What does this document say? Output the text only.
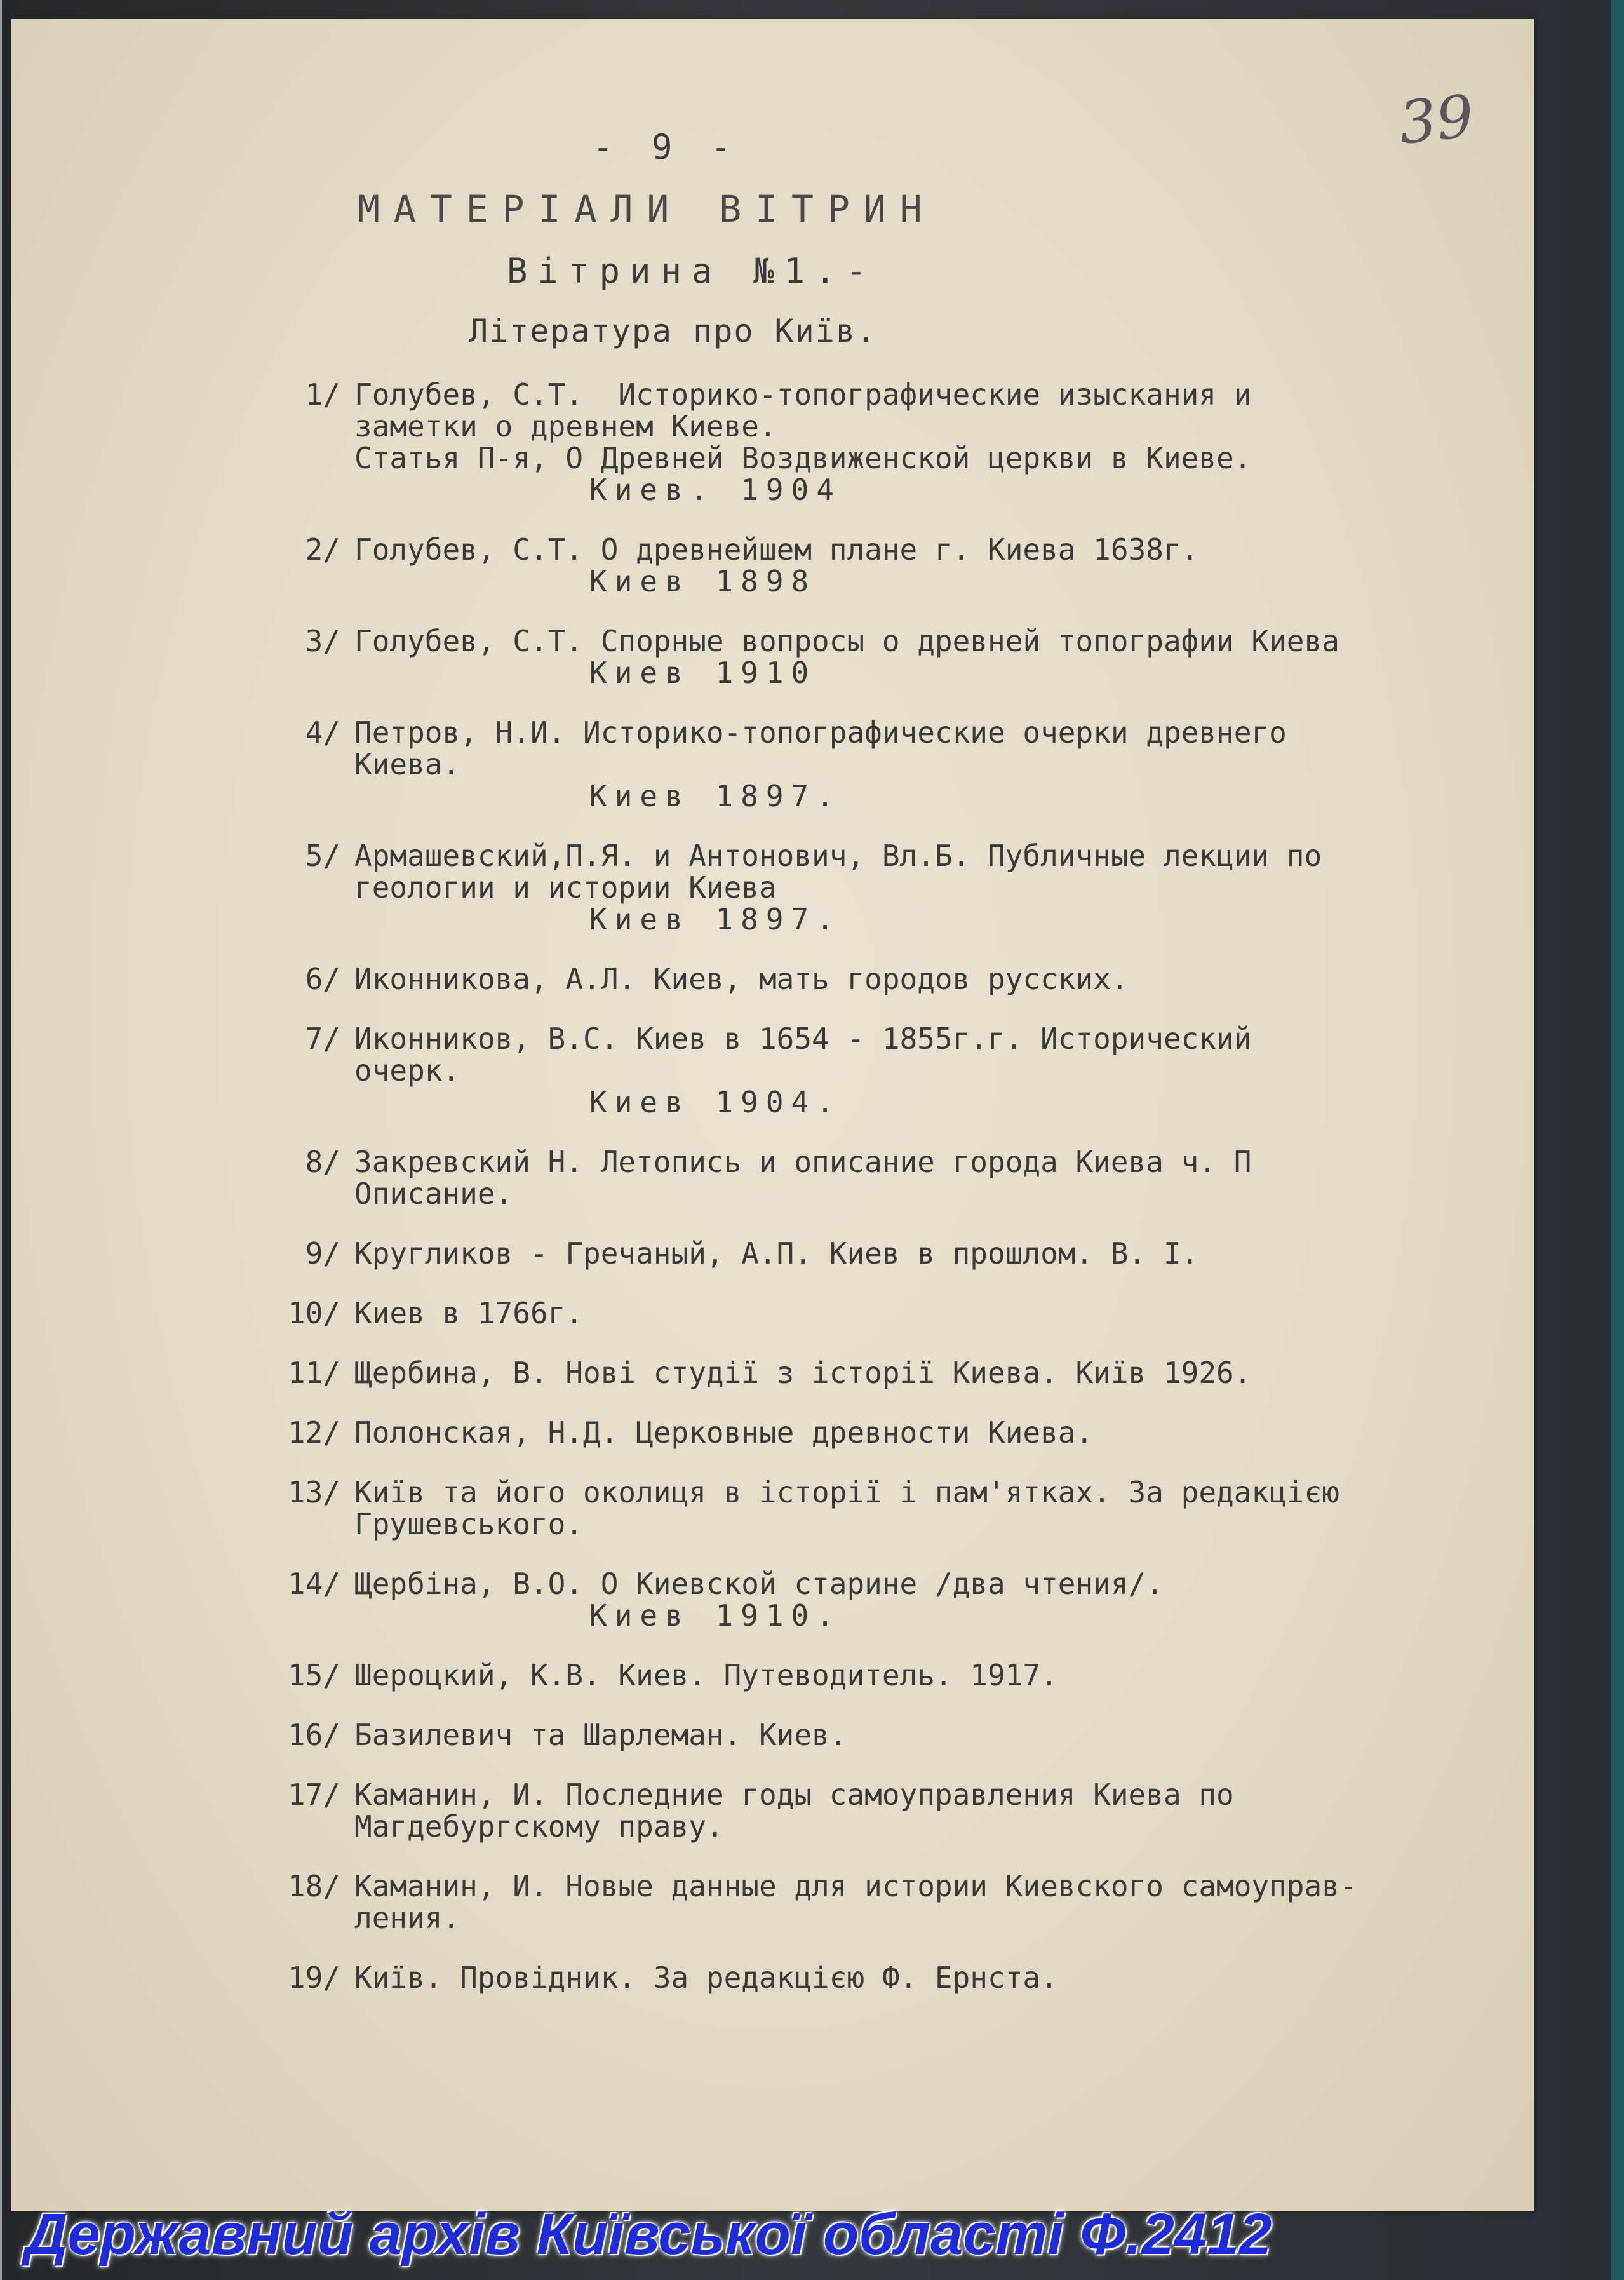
- 9 -	39
МАТЕРІАЛИ ВІТРИН
Вітрина №1.-
Література про Київ.
1/ Голубев, С.Т.  Историко-топографические изыскания и

заметки о древнем Киеве.
Статья П-я, О Древней Воздвиженской церкви в Киеве.
Киев. 1904
2/ Голубев, С.Т. О древнейшем плане г. Киева 1638г.

Киев 1898
3/ Голубев, С.Т. Спорные вопросы о древней топографии Киева

Киев 1910
4/ Петров, Н.И. Историко-топографические очерки древнего

Киева.
Киев 1897.
5/ Армашевский,П.Я. и Антонович, Вл.Б. Публичные лекции по

геологии и истории Киева
Киев 1897.
6/ Иконникова, А.Л. Киев, мать городов русских.
7/ Иконников, В.С. Киев в 1654 - 1855г.г. Исторический

очерк.
Киев 1904.
8/ Закревский Н. Летопись и описание города Киева ч. П

Описание.
9/ Кругликов - Гречаный, А.П. Киев в прошлом. В. I.
10/ Киев в 1766г.
11/ Щербина, В. Нові студії з історії Киева. Київ 1926.
12/ Полонская, Н.Д. Церковные древности Киева.
13/ Київ та його околиця в історії і пам'ятках. За редакцією

Грушевського.
14/ Щербіна, В.О. О Киевской старине /два чтения/.

Киев 1910.
15/ Шероцкий, К.В. Киев. Путеводитель. 1917.
16/ Базилевич та Шарлеман. Киев.
17/ Каманин, И. Последние годы самоуправления Киева по

Магдебургскому праву.
18/ Каманин, И. Новые данные для истории Киевского самоуправ-

ления.
19/ Київ. Провідник. За редакцією Ф. Ернста.
Державний архів Київської області Ф.2412
